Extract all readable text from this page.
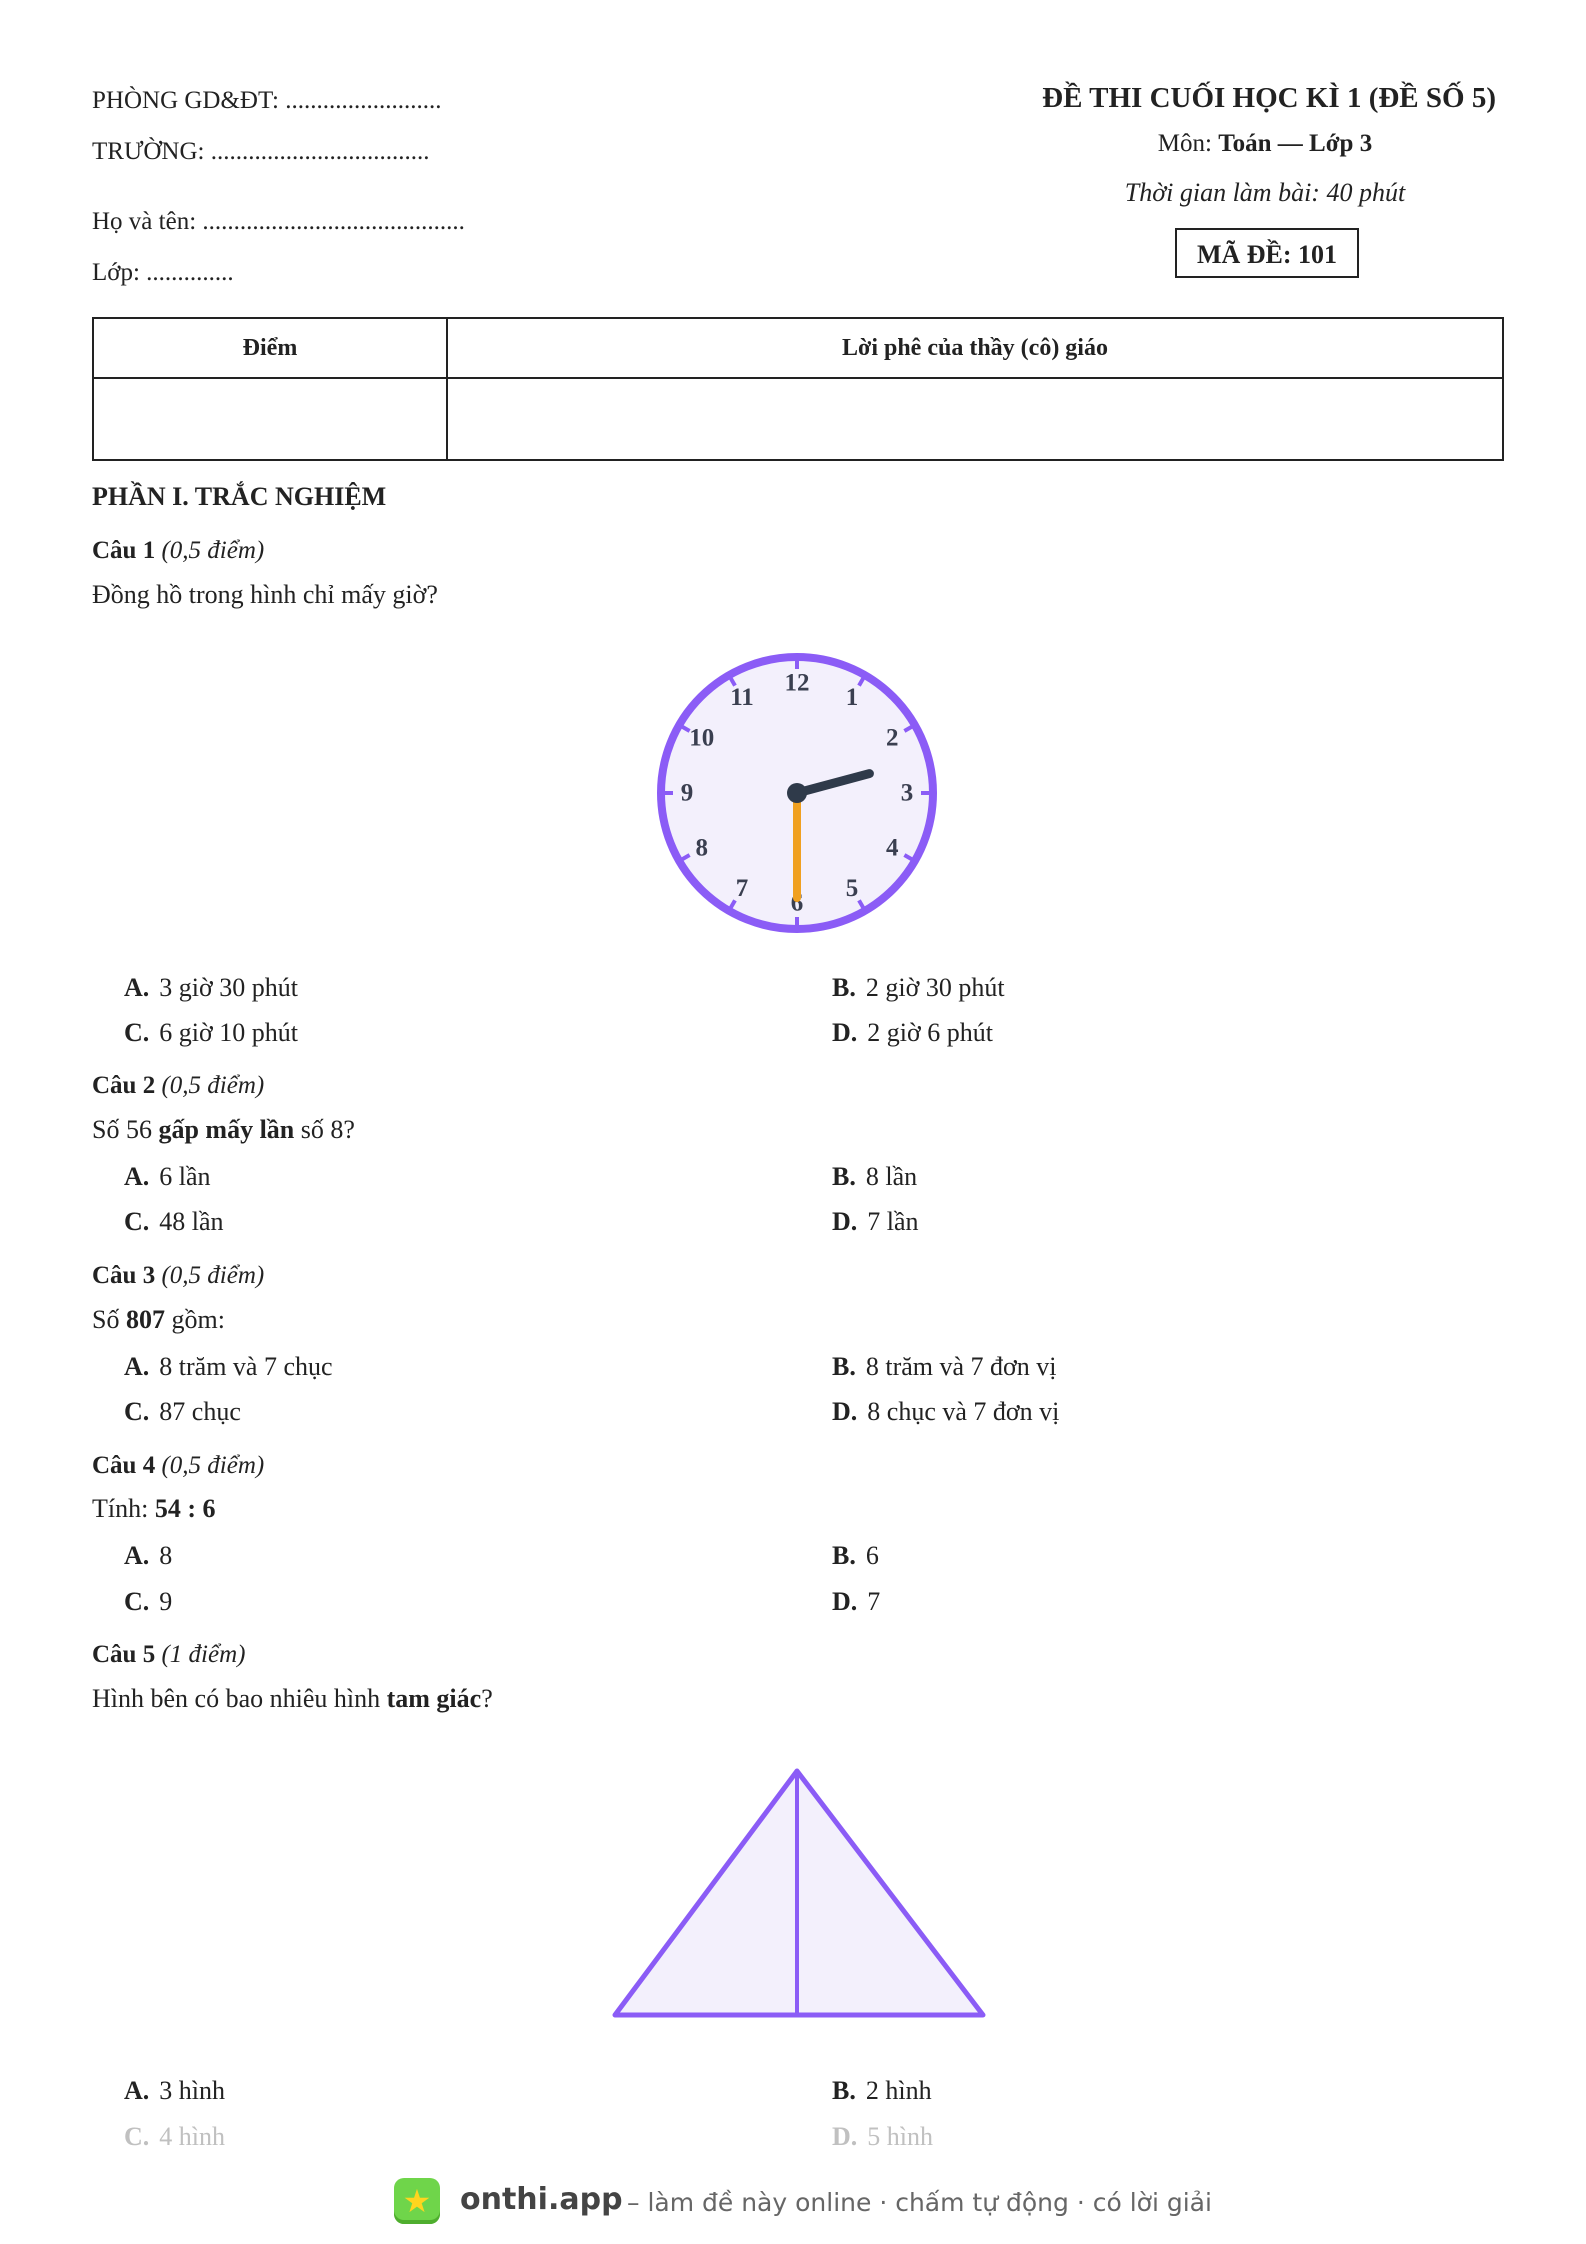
PHÒNG GD&ĐT: .........................
TRƯỜNG: ...................................
Họ và tên: ..........................................
Lớp: ..............
ĐỀ THI CUỐI HỌC KÌ 1 (ĐỀ SỐ 5)
Môn: Toán — Lớp 3
Thời gian làm bài: 40 phút
MÃ ĐỀ: 101
Điểm	Lời phê của thầy (cô) giáo

PHẦN I. TRẮC NGHIỆM
Câu 1 (0,5 điểm)
Đồng hồ trong hình chỉ mấy giờ?
12
1
2
3
4
5
6
7
8
9
10
11
A. 3 giờ 30 phút	B. 2 giờ 30 phút
C. 6 giờ 10 phút	D. 2 giờ 6 phút
Câu 2 (0,5 điểm)
Số 56 gấp mấy lần số 8?
A. 6 lần	B. 8 lần
C. 48 lần	D. 7 lần
Câu 3 (0,5 điểm)
Số 807 gồm:
A. 8 trăm và 7 chục	B. 8 trăm và 7 đơn vị
C. 87 chục	D. 8 chục và 7 đơn vị
Câu 4 (0,5 điểm)
Tính: 54 : 6
A. 8	B. 6
C. 9	D. 7
Câu 5 (1 điểm)
Hình bên có bao nhiêu hình tam giác?
A. 3 hình	B. 2 hình
C. 4 hình	D. 5 hình
★ onthi.app – làm đề này online · chấm tự động · có lời giải
